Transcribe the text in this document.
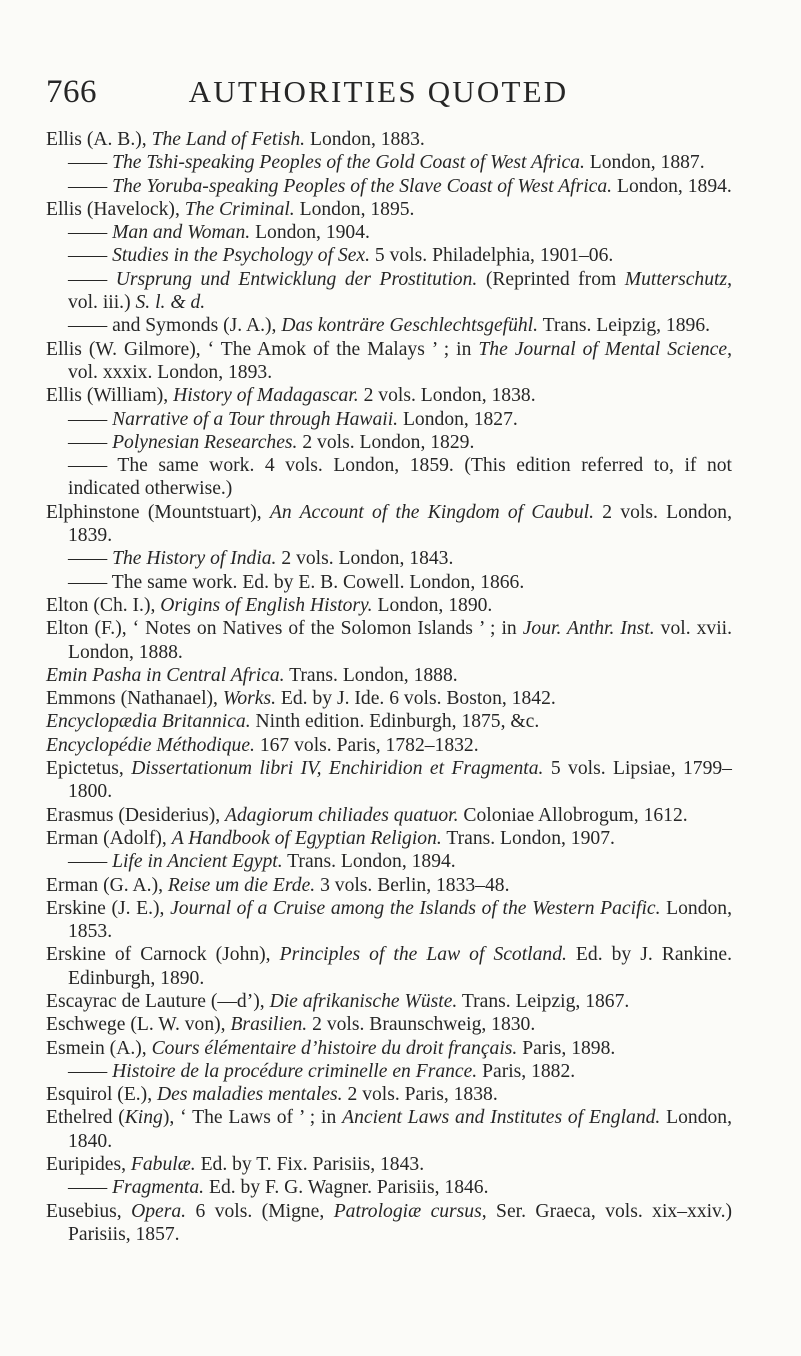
766	AUTHORITIES QUOTED

Ellis (A. B.), The Land of Fetish. London, 1883.

—— The Tshi-speaking Peoples of the Gold Coast of West Africa. London, 1887.

—— The Yoruba-speaking Peoples of the Slave Coast of West Africa. London, 1894.

Ellis (Havelock), The Criminal. London, 1895.

—— Man and Woman. London, 1904.

—— Studies in the Psychology of Sex. 5 vols. Philadelphia, 1901–06.

—— Ursprung und Entwicklung der Prostitution. (Reprinted from Mutterschutz, vol. iii.) S. l. & d.

—— and Symonds (J. A.), Das konträre Geschlechtsgefühl. Trans. Leipzig, 1896.

Ellis (W. Gilmore), ‘ The Amok of the Malays ’ ; in The Journal of Mental Science, vol. xxxix. London, 1893.

Ellis (William), History of Madagascar. 2 vols. London, 1838.

—— Narrative of a Tour through Hawaii. London, 1827.

—— Polynesian Researches. 2 vols. London, 1829.

—— The same work. 4 vols. London, 1859. (This edition referred to, if not indicated otherwise.)

Elphinstone (Mountstuart), An Account of the Kingdom of Caubul. 2 vols. London, 1839.

—— The History of India. 2 vols. London, 1843.

—— The same work. Ed. by E. B. Cowell. London, 1866.

Elton (Ch. I.), Origins of English History. London, 1890.

Elton (F.), ‘ Notes on Natives of the Solomon Islands ’ ; in Jour. Anthr. Inst. vol. xvii. London, 1888.

Emin Pasha in Central Africa. Trans. London, 1888.

Emmons (Nathanael), Works. Ed. by J. Ide. 6 vols. Boston, 1842.

Encyclopædia Britannica. Ninth edition. Edinburgh, 1875, &c.

Encyclopédie Méthodique. 167 vols. Paris, 1782–1832.

Epictetus, Dissertationum libri IV, Enchiridion et Fragmenta. 5 vols. Lipsiae, 1799–1800.

Erasmus (Desiderius), Adagiorum chiliades quatuor. Coloniae Allobrogum, 1612.

Erman (Adolf), A Handbook of Egyptian Religion. Trans. London, 1907.

—— Life in Ancient Egypt. Trans. London, 1894.

Erman (G. A.), Reise um die Erde. 3 vols. Berlin, 1833–48.

Erskine (J. E.), Journal of a Cruise among the Islands of the Western Pacific. London, 1853.

Erskine of Carnock (John), Principles of the Law of Scotland. Ed. by J. Rankine. Edinburgh, 1890.

Escayrac de Lauture (—d’), Die afrikanische Wüste. Trans. Leipzig, 1867.

Eschwege (L. W. von), Brasilien. 2 vols. Braunschweig, 1830.

Esmein (A.), Cours élémentaire d’histoire du droit français. Paris, 1898.

—— Histoire de la procédure criminelle en France. Paris, 1882.

Esquirol (E.), Des maladies mentales. 2 vols. Paris, 1838.

Ethelred (King), ‘ The Laws of ’ ; in Ancient Laws and Institutes of England. London, 1840.

Euripides, Fabulæ. Ed. by T. Fix. Parisiis, 1843.

—— Fragmenta. Ed. by F. G. Wagner. Parisiis, 1846.

Eusebius, Opera. 6 vols. (Migne, Patrologiæ cursus, Ser. Graeca, vols. xix–xxiv.) Parisiis, 1857.
